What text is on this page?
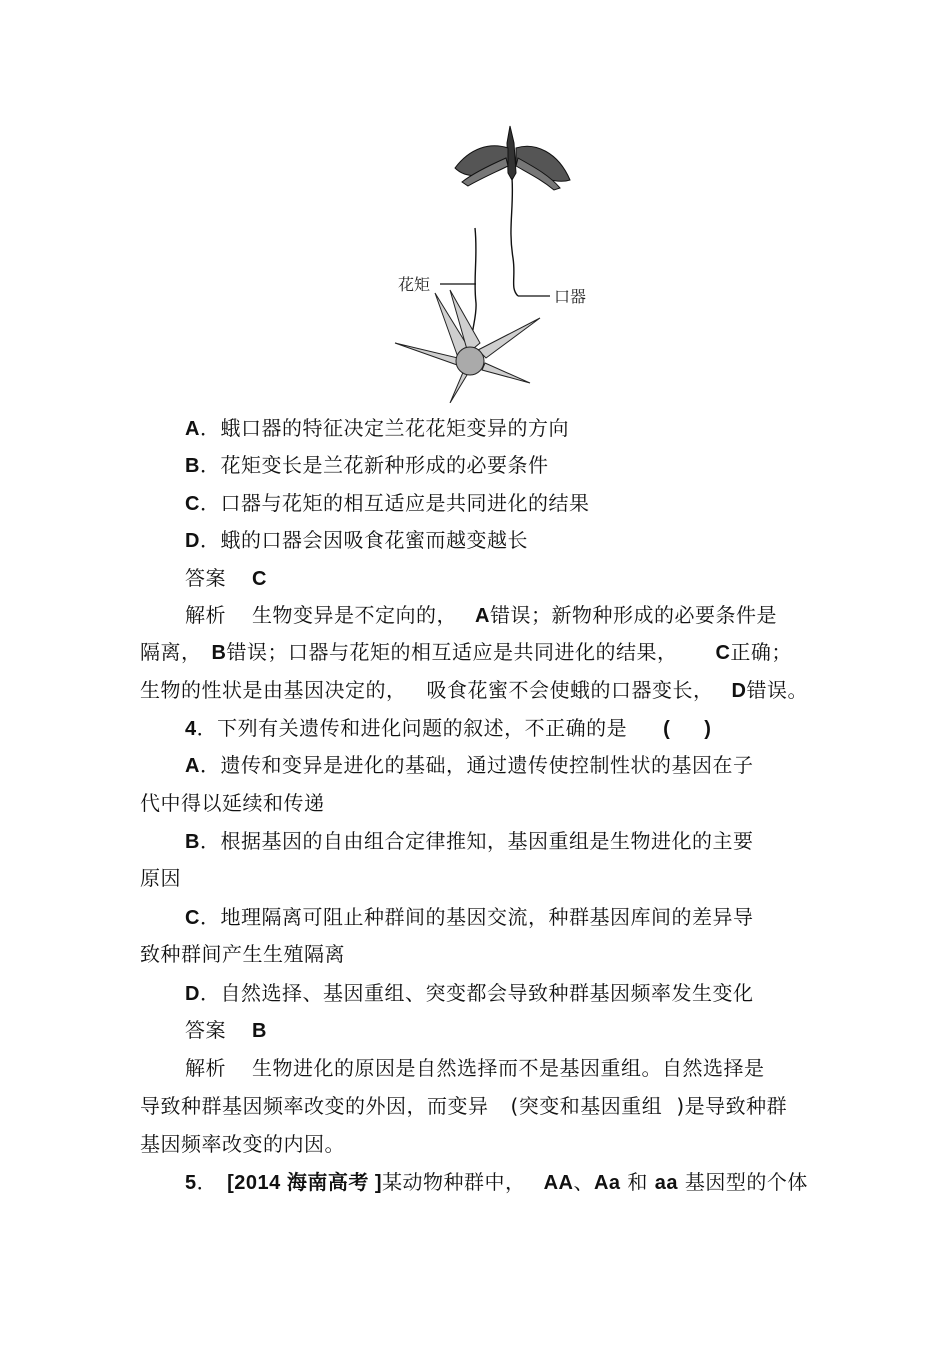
花矩
口器
A．蛾口器的特征决定兰花花矩变异的方向
B．花矩变长是兰花新种形成的必要条件
C．口器与花矩的相互适应是共同进化的结果
D．蛾的口器会因吸食花蜜而越变越长
答案 C
解析 生物变异是不定向的， A错误；新物种形成的必要条件是
隔离， B错误；口器与花矩的相互适应是共同进化的结果， C正确；
生物的性状是由基因决定的， 吸食花蜜不会使蛾的口器变长， D错误。
4．下列有关遗传和进化问题的叙述，不正确的是 ( )
A．遗传和变异是进化的基础，通过遗传使控制性状的基因在子
代中得以延续和传递
B．根据基因的自由组合定律推知，基因重组是生物进化的主要
原因
C．地理隔离可阻止种群间的基因交流，种群基因库间的差异导
致种群间产生生殖隔离
D．自然选择、基因重组、突变都会导致种群基因频率发生变化
答案 B
解析 生物进化的原因是自然选择而不是基因重组。自然选择是
导致种群基因频率改变的外因，而变异 (突变和基因重组 )是导致种群
基因频率改变的内因。
5． [2014 海南高考 ]某动物种群中， AA、Aa 和 aa 基因型的个体
